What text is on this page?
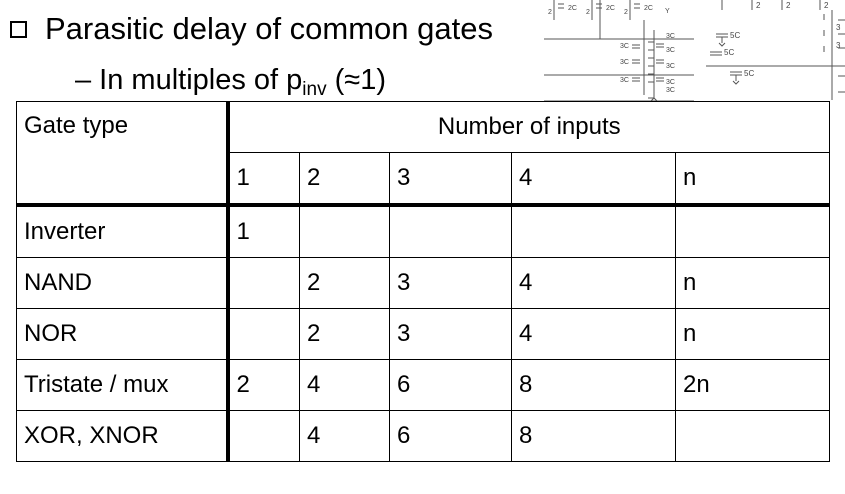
Parasitic delay of common gates
– In multiples of $p_{inv}$ (≈1)
2C	2C	2C Y
3C
3C
3C
3C
3C
3C	3C
3C
2	2	2
5C
5C
5C
2	2	2
3
3
Gate type	Number of inputs				
	1	2	3	4	n
Inverter	1				
NAND		2	3	4	n
NOR		2	3	4	n
Tristate / mux	2	4	6	8	2n
XOR, XNOR		4	6	8	
